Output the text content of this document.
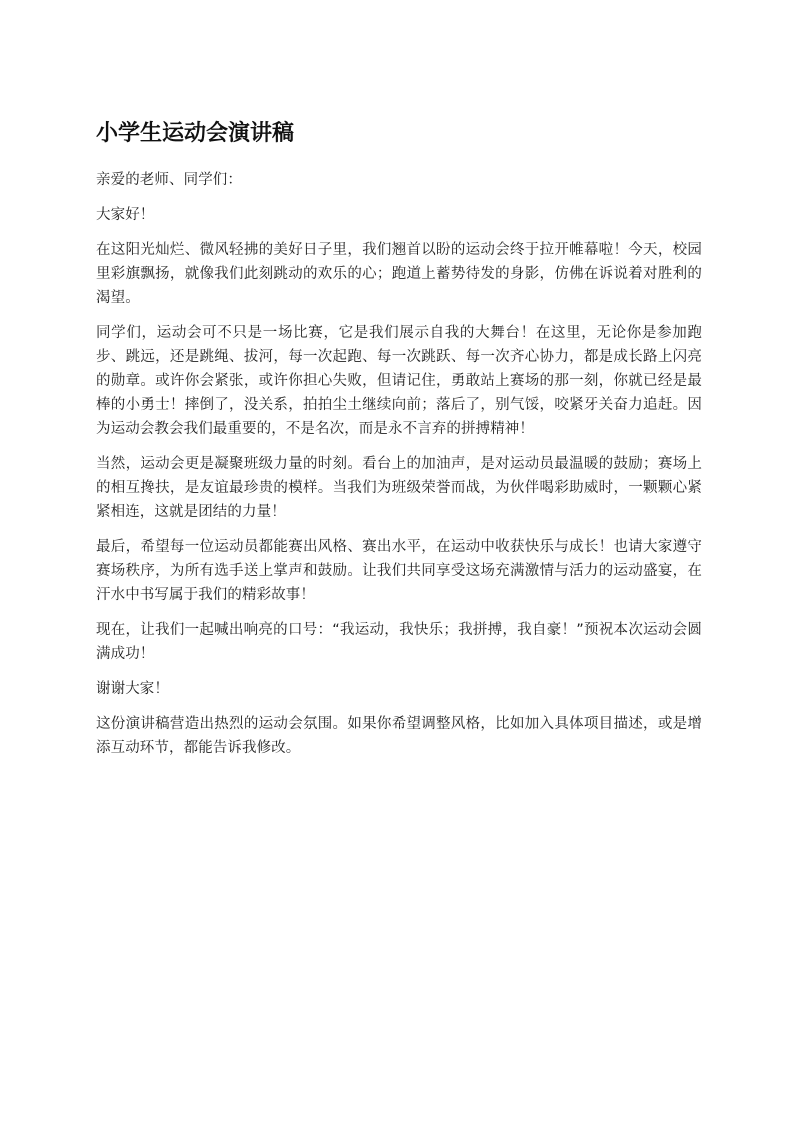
小学生运动会演讲稿

亲爱的老师、同学们：

大家好！

在这阳光灿烂、微风轻拂的美好日子里，我们翘首以盼的运动会终于拉开帷幕啦！今天，校园里彩旗飘扬，就像我们此刻跳动的欢乐的心；跑道上蓄势待发的身影，仿佛在诉说着对胜利的渴望。

同学们，运动会可不只是一场比赛，它是我们展示自我的大舞台！在这里，无论你是参加跑步、跳远，还是跳绳、拔河，每一次起跑、每一次跳跃、每一次齐心协力，都是成长路上闪亮的勋章。或许你会紧张，或许你担心失败，但请记住，勇敢站上赛场的那一刻，你就已经是最棒的小勇士！摔倒了，没关系，拍拍尘土继续向前；落后了，别气馁，咬紧牙关奋力追赶。因为运动会教会我们最重要的，不是名次，而是永不言弃的拼搏精神！

当然，运动会更是凝聚班级力量的时刻。看台上的加油声，是对运动员最温暖的鼓励；赛场上的相互搀扶，是友谊最珍贵的模样。当我们为班级荣誉而战，为伙伴喝彩助威时，一颗颗心紧紧相连，这就是团结的力量！

最后，希望每一位运动员都能赛出风格、赛出水平，在运动中收获快乐与成长！也请大家遵守赛场秩序，为所有选手送上掌声和鼓励。让我们共同享受这场充满激情与活力的运动盛宴，在汗水中书写属于我们的精彩故事！

现在，让我们一起喊出响亮的口号：“我运动，我快乐；我拼搏，我自豪！”预祝本次运动会圆满成功！

谢谢大家！

这份演讲稿营造出热烈的运动会氛围。如果你希望调整风格，比如加入具体项目描述，或是增添互动环节，都能告诉我修改。
